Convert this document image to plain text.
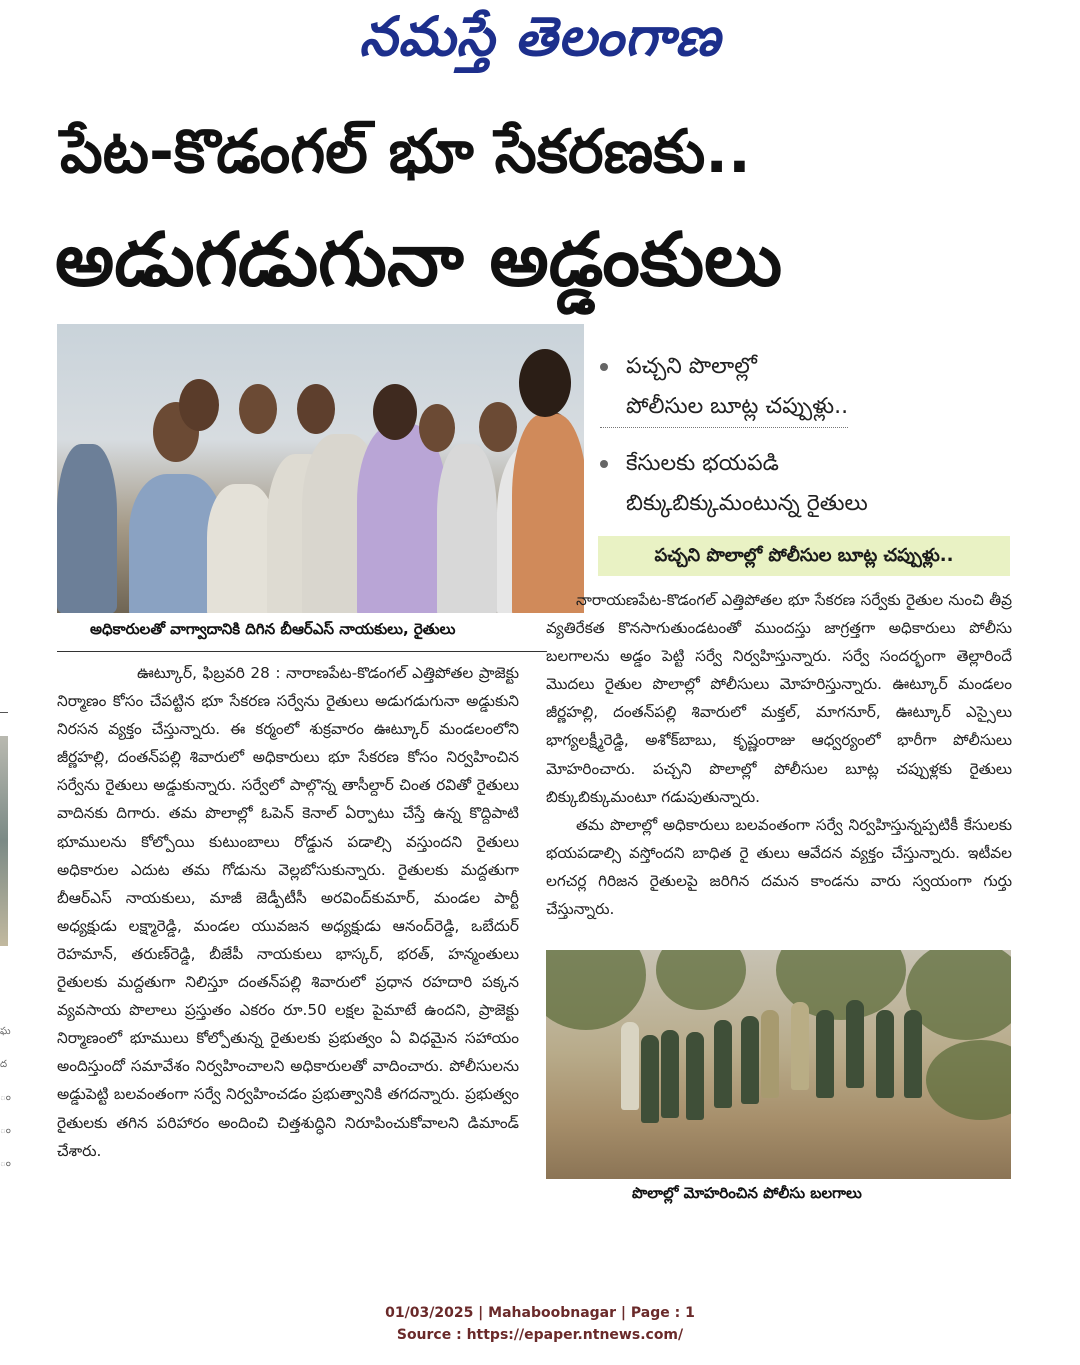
నమస్తే తెలంగాణ
పేట-కొడంగల్ భూ సేకరణకు..
అడుగడుగునా అడ్డంకులు
ఘ
ద
ం
ం
ం
అధికారులతో వాగ్వాదానికి దిగిన బీఆర్ఎస్ నాయకులు, రైతులు
పచ్చని పొలాల్లో
పోలీసుల బూట్ల చప్పుళ్లు..
కేసులకు భయపడి
బిక్కుబిక్కుమంటున్న రైతులు
పచ్చని పొలాల్లో పోలీసుల బూట్ల చప్పుళ్లు..

నారాయణపేట-కొడంగల్ ఎత్తిపోతల భూ సేకరణ సర్వేకు రైతుల నుంచి తీవ్ర వ్యతిరేకత కొనసాగుతుండటంతో ముందస్తు జాగ్రత్తగా అధికారులు పోలీసు బలగాలను అడ్డం పెట్టి సర్వే నిర్వహిస్తున్నారు. సర్వే సందర్భంగా తెల్లారిందే మొదలు రైతుల పొలాల్లో పోలీసులు మోహరిస్తున్నారు. ఊట్కూర్ మండలం జీర్ణహల్లి, దంతన్‌పల్లి శివారులో మక్తల్, మాగనూర్, ఊట్కూర్ ఎస్సైలు భాగ్యలక్ష్మీరెడ్డి, అశోక్‌బాబు, కృష్ణంరాజు ఆధ్వర్యంలో భారీగా పోలీసులు మోహరించారు. పచ్చని పొలాల్లో పోలీసుల బూట్ల చప్పుళ్లకు రైతులు బిక్కుబిక్కుమంటూ గడుపుతున్నారు.

తమ పొలాల్లో అధికారులు బలవంతంగా సర్వే నిర్వహిస్తున్నప్పటికీ కేసులకు భయపడాల్సి వస్తోందని బాధిత రై తులు ఆవేదన వ్యక్తం చేస్తున్నారు. ఇటీవల లగచర్ల గిరిజన రైతులపై జరిగిన దమన కాండను వారు స్వయంగా గుర్తు చేస్తున్నారు.

పొలాల్లో మోహరించిన పోలీసు బలగాలు

ఊట్కూర్, ఫిబ్రవరి 28 : నారాణపేట-కొడంగల్ ఎత్తిపోతల ప్రాజెక్టు నిర్మాణం కోసం చేపట్టిన భూ సేకరణ సర్వేను రైతులు అడుగడుగునా అడ్డుకుని నిరసన వ్యక్తం చేస్తున్నారు. ఈ కర్మంలో శుక్రవారం ఊట్కూర్ మండలంలోని జీర్ణహల్లి, దంతన్‌పల్లి శివారులో అధికారులు భూ సేకరణ కోసం నిర్వహించిన సర్వేను రైతులు అడ్డుకున్నారు. సర్వేలో పాల్గొన్న తాసీల్దార్ చింత రవితో రైతులు వాదినకు దిగారు. తమ పొలాల్లో ఓపెన్ కెనాల్ ఏర్పాటు చేస్తే ఉన్న కొద్దిపాటి భూములను కోల్పోయి కుటుంబాలు రోడ్డున పడాల్సి వస్తుందని రైతులు అధికారుల ఎదుట తమ గోడును వెల్లబోసుకున్నారు. రైతులకు మద్దతుగా బీఆర్ఎస్ నాయకులు, మాజీ జెడ్పీటీసీ అరవింద్‌కుమార్, మండల పార్టీ అధ్యక్షుడు లక్ష్మారెడ్డి, మండల యువజన అధ్యక్షుడు ఆనంద్‌రెడ్డి, ఒబేదుర్ రెహమాన్, తరుణ్‌రెడ్డి, బీజేపీ నాయకులు భాస్కర్, భరత్, హన్మంతులు రైతులకు మద్దతుగా నిలిస్తూ దంతన్‌పల్లి శివారులో ప్రధాన రహదారి పక్కన వ్యవసాయ పొలాలు ప్రస్తుతం ఎకరం రూ.50 లక్షల పైమాటే ఉందని, ప్రాజెక్టు నిర్మాణంలో భూములు కోల్పోతున్న రైతులకు ప్రభుత్వం ఏ విధమైన సహాయం అందిస్తుందో సమావేశం నిర్వహించాలని అధికారులతో వాదించారు. పోలీసులను అడ్డుపెట్టి బలవంతంగా సర్వే నిర్వహించడం ప్రభుత్వానికి తగదన్నారు. ప్రభుత్వం రైతులకు తగిన పరిహారం అందించి చిత్తశుద్ధిని నిరూపించుకోవాలని డిమాండ్ చేశారు.

01/03/2025 | Mahaboobnagar | Page : 1
Source : https://epaper.ntnews.com/
